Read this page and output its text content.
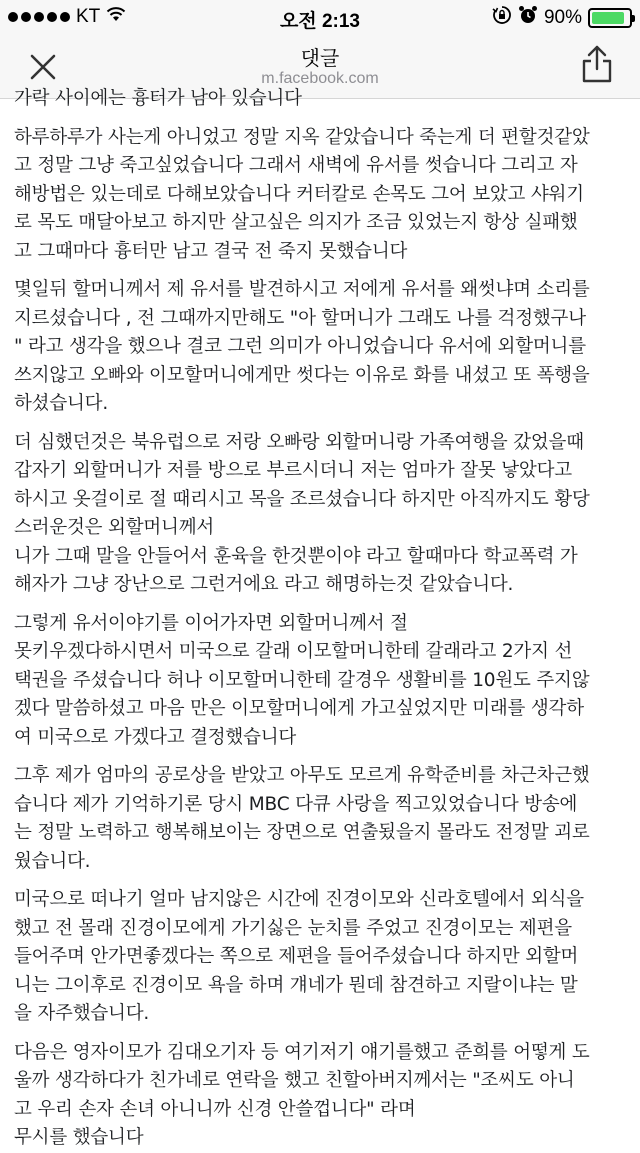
KT	오전 2:13	90%
댓글
m.facebook.com

가락 사이에는 흉터가 남아 있습니다

하루하루가 사는게 아니었고 정말 지옥 같았습니다 죽는게 더 편할것같았
고 정말 그냥 죽고싶었습니다 그래서 새벽에 유서를 썻습니다 그리고 자
해방법은 있는데로 다해보았습니다 커터칼로 손목도 그어 보았고 샤워기
로 목도 매달아보고 하지만 살고싶은 의지가 조금 있었는지 항상 실패했
고 그때마다 흉터만 남고 결국 전 죽지 못했습니다

몇일뒤 할머니께서 제 유서를 발견하시고 저에게 유서를 왜썻냐며 소리를
지르셨습니다 , 전 그때까지만해도 "아 할머니가 그래도 나를 걱정했구나
" 라고 생각을 했으나 결코 그런 의미가 아니었습니다 유서에 외할머니를
쓰지않고 오빠와 이모할머니에게만 썻다는 이유로 화를 내셨고 또 폭행을
하셨습니다.

더 심했던것은 북유럽으로 저랑 오빠랑 외할머니랑 가족여행을 갔었을때
갑자기 외할머니가 저를 방으로 부르시더니 저는 엄마가 잘못 낳았다고
하시고 옷걸이로 절 때리시고 목을 조르셨습니다 하지만 아직까지도 황당
스러운것은 외할머니께서
니가 그때 말을 안들어서 훈육을 한것뿐이야 라고 할때마다 학교폭력 가
해자가 그냥 장난으로 그런거에요 라고 해명하는것 같았습니다.

그렇게 유서이야기를 이어가자면 외할머니께서 절
못키우겠다하시면서 미국으로 갈래 이모할머니한테 갈래라고 2가지 선
택권을 주셨습니다 허나 이모할머니한테 갈경우 생활비를 10원도 주지않
겠다 말씀하셨고 마음 만은 이모할머니에게 가고싶었지만 미래를 생각하
여 미국으로 가겠다고 결정했습니다

그후 제가 엄마의 공로상을 받았고 아무도 모르게 유학준비를 차근차근했
습니다 제가 기억하기론 당시 MBC 다큐 사랑을 찍고있었습니다 방송에
는 정말 노력하고 행복해보이는 장면으로 연출됬을지 몰라도 전정말 괴로
웠습니다.

미국으로 떠나기 얼마 남지않은 시간에 진경이모와 신라호텔에서 외식을
했고 전 몰래 진경이모에게 가기싫은 눈치를 주었고 진경이모는 제편을
들어주며 안가면좋겠다는 쪽으로 제편을 들어주셨습니다 하지만 외할머
니는 그이후로 진경이모 욕을 하며 걔네가 뭔데 참견하고 지랄이냐는 말
을 자주했습니다.

다음은 영자이모가 김대오기자 등 여기저기 얘기를했고 준희를 어떻게 도
울까 생각하다가 친가네로 연락을 했고 친할아버지께서는 "조씨도 아니
고 우리 손자 손녀 아니니까 신경 안쓸껍니다" 라며
무시를 했습니다
